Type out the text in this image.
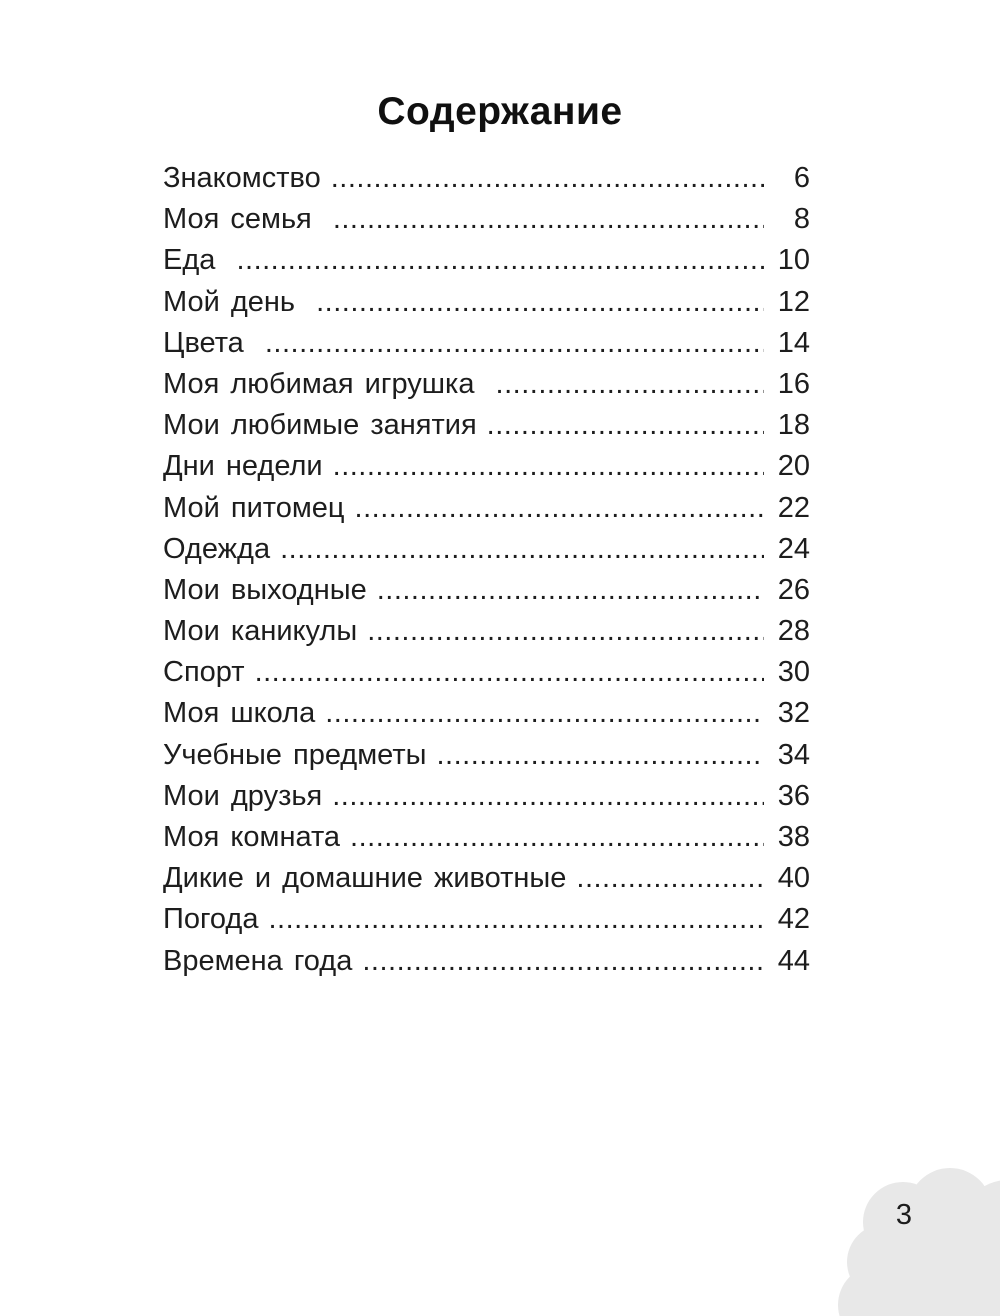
Содержание
Знакомство .....	6
Моя семья .....	8
Еда .....	10
Мой день .....	12
Цвета .....	14
Моя любимая игрушка .....	16
Мои любимые занятия .....	18
Дни недели .....	20
Мой питомец .....	22
Одежда .....	24
Мои выходные .....	26
Мои каникулы .....	28
Спорт .....	30
Моя школа .....	32
Учебные предметы .....	34
Мои друзья .....	36
Моя комната .....	38
Дикие и домашние животные .....	40
Погода .....	42
Времена года .....	44
3
